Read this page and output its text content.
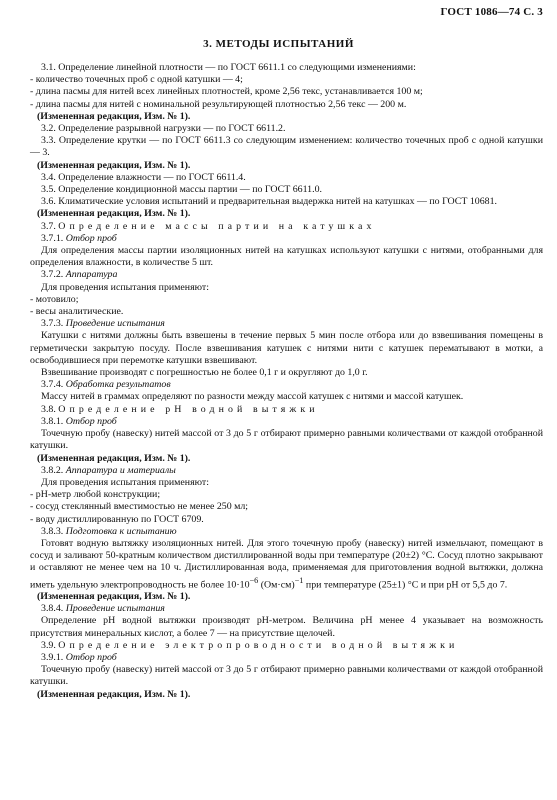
ГОСТ 1086—74 С. 3
3. МЕТОДЫ ИСПЫТАНИЙ

3.1. Определение линейной плотности — по ГОСТ 6611.1 со следующими изменениями:

- количество точечных проб с одной катушки — 4;

- длина пасмы для нитей всех линейных плотностей, кроме 2,56 текс, устанавливается 100 м;

- длина пасмы для нитей с номинальной результирующей плотностью 2,56 текс — 200 м.

(Измененная редакция, Изм. № 1).

3.2. Определение разрывной нагрузки — по ГОСТ 6611.2.

3.3. Определение крутки — по ГОСТ 6611.3 со следующим изменением: количество точечных проб с одной катушки — 3.

(Измененная редакция, Изм. № 1).

3.4. Определение влажности — по ГОСТ 6611.4.

3.5. Определение кондиционной массы партии — по ГОСТ 6611.0.

3.6. Климатические условия испытаний и предварительная выдержка нитей на катушках — по ГОСТ 10681.

(Измененная редакция, Изм. № 1).

3.7. Определение массы партии на катушках

3.7.1. Отбор проб

Для определения массы партии изоляционных нитей на катушках используют катушки с нитями, отобранными для определения влажности, в количестве 5 шт.

3.7.2. Аппаратура

Для проведения испытания применяют:

- мотовило;

- весы аналитические.

3.7.3. Проведение испытания

Катушки с нитями должны быть взвешены в течение первых 5 мин после отбора или до взвешивания помещены в герметически закрытую посуду. После взвешивания катушек с нитями нити с катушек перематывают в мотки, а освободившиеся при перемотке катушки взвешивают.

Взвешивание производят с погрешностью не более 0,1 г и округляют до 1,0 г.

3.7.4. Обработка результатов

Массу нитей в граммах определяют по разности между массой катушек с нитями и массой катушек.

3.8. Определение pH водной вытяжки

3.8.1. Отбор проб

Точечную пробу (навеску) нитей массой от 3 до 5 г отбирают примерно равными количествами от каждой отобранной катушки.

(Измененная редакция, Изм. № 1).

3.8.2. Аппаратура и материалы

Для проведения испытания применяют:

- pH-метр любой конструкции;

- сосуд стеклянный вместимостью не менее 250 мл;

- воду дистиллированную по ГОСТ 6709.

3.8.3. Подготовка к испытанию

Готовят водную вытяжку изоляционных нитей. Для этого точечную пробу (навеску) нитей измельчают, помещают в сосуд и заливают 50-кратным количеством дистиллированной воды при температуре (20±2) °С. Сосуд плотно закрывают и оставляют не менее чем на 10 ч. Дистиллированная вода, применяемая для приготовления водной вытяжки, должна иметь удельную электропроводность не более $10\cdot 10^{-6}$ $(Ом\cdot см)^{-1}$ при температуре (25±1) °С и при pH от 5,5 до 7.

(Измененная редакция, Изм. № 1).

3.8.4. Проведение испытания

Определение pH водной вытяжки производят pH-метром. Величина pH менее 4 указывает на возможность присутствия минеральных кислот, а более 7 — на присутствие щелочей.

3.9. Определение электропроводности водной вытяжки

3.9.1. Отбор проб

Точечную пробу (навеску) нитей массой от 3 до 5 г отбирают примерно равными количествами от каждой отобранной катушки.

(Измененная редакция, Изм. № 1).
